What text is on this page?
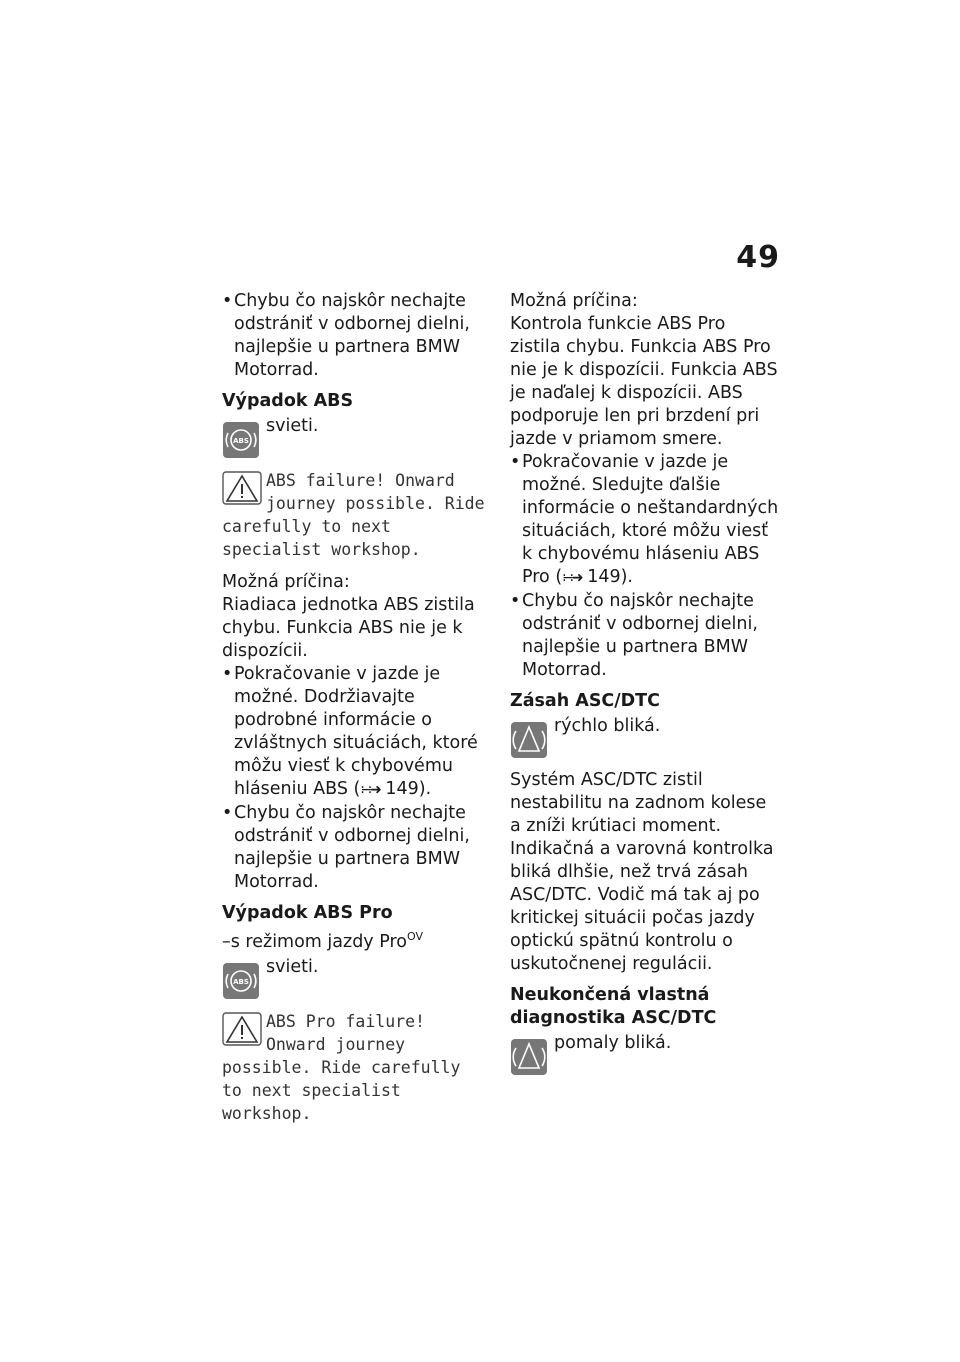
49
• Chybu čo najskôr nechajte odstrániť v odbornej dielni, najlepšie u partnera BMW Motorrad.
Výpadok ABS
ABS
svieti.
ABS failure! Onward journey possible. Ride carefully to next specialist workshop.
Možná príčina:
Riadiaca jednotka ABS zistila chybu. Funkcia ABS nie je k dispozícii.
• Pokračovanie v jazde je možné. Dodržiavajte podrobné informácie o zvláštnych situáciách, ktoré môžu viesť k chybovému hláseniu ABS (∺➜ 149).
• Chybu čo najskôr nechajte odstrániť v odbornej dielni, najlepšie u partnera BMW Motorrad.
Výpadok ABS Pro
–s režimom jazdy Pro$^{OV}$
ABS
svieti.
ABS Pro failure! Onward journey possible. Ride carefully to next specialist workshop.
Možná príčina:
Kontrola funkcie ABS Pro zistila chybu. Funkcia ABS Pro nie je k dispozícii. Funkcia ABS je naďalej k dispozícii. ABS podporuje len pri brzdení pri jazde v priamom smere.
• Pokračovanie v jazde je možné. Sledujte ďalšie informácie o neštandardných situáciách, ktoré môžu viesť k chybovému hláseniu ABS Pro (∺➜ 149).
• Chybu čo najskôr nechajte odstrániť v odbornej dielni, najlepšie u partnera BMW Motorrad.
Zásah ASC/DTC
rýchlo bliká.
Systém ASC/DTC zistil nestabilitu na zadnom kolese a zníži krútiaci moment. Indikačná a varovná kontrolka bliká dlhšie, než trvá zásah ASC/DTC. Vodič má tak aj po kritickej situácii počas jazdy optickú spätnú kontrolu o uskutočnenej regulácii.
Neukončená vlastná
diagnostika ASC/DTC
pomaly bliká.
